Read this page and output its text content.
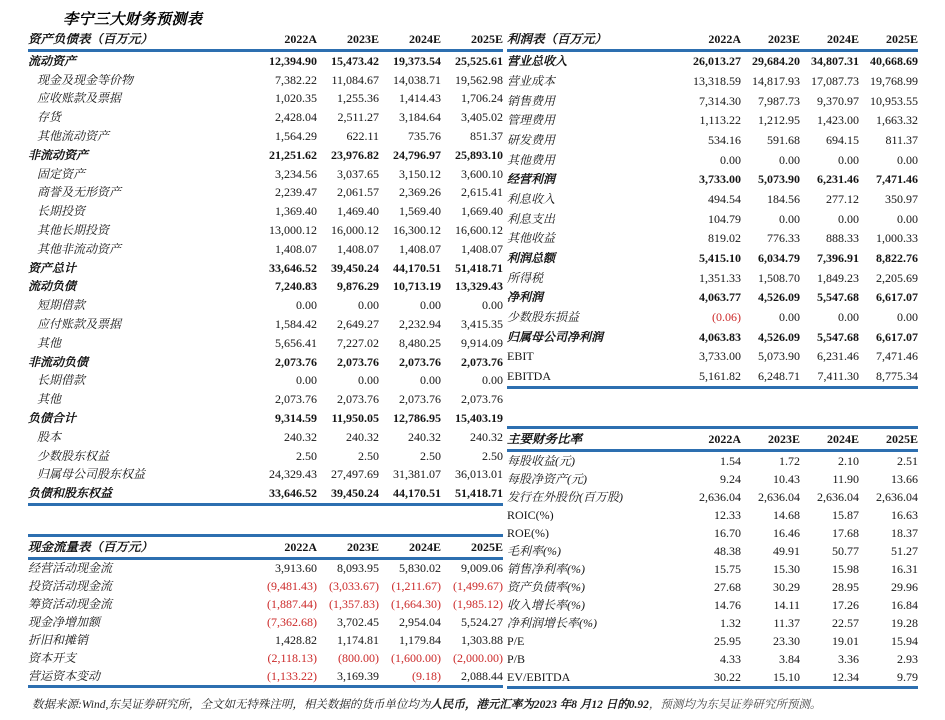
李宁三大财务预测表
资产负债表（百万元）	2022A	2023E	2024E	2025E
流动资产	12,394.90	15,473.42	19,373.54	25,525.61
现金及现金等价物	7,382.22	11,084.67	14,038.71	19,562.98
应收账款及票据	1,020.35	1,255.36	1,414.43	1,706.24
存货	2,428.04	2,511.27	3,184.64	3,405.02
其他流动资产	1,564.29	622.11	735.76	851.37
非流动资产	21,251.62	23,976.82	24,796.97	25,893.10
固定资产	3,234.56	3,037.65	3,150.12	3,600.10
商誉及无形资产	2,239.47	2,061.57	2,369.26	2,615.41
长期投资	1,369.40	1,469.40	1,569.40	1,669.40
其他长期投资	13,000.12	16,000.12	16,300.12	16,600.12
其他非流动资产	1,408.07	1,408.07	1,408.07	1,408.07
资产总计	33,646.52	39,450.24	44,170.51	51,418.71
流动负债	7,240.83	9,876.29	10,713.19	13,329.43
短期借款	0.00	0.00	0.00	0.00
应付账款及票据	1,584.42	2,649.27	2,232.94	3,415.35
其他	5,656.41	7,227.02	8,480.25	9,914.09
非流动负债	2,073.76	2,073.76	2,073.76	2,073.76
长期借款	0.00	0.00	0.00	0.00
其他	2,073.76	2,073.76	2,073.76	2,073.76
负债合计	9,314.59	11,950.05	12,786.95	15,403.19
股本	240.32	240.32	240.32	240.32
少数股东权益	2.50	2.50	2.50	2.50
归属母公司股东权益	24,329.43	27,497.69	31,381.07	36,013.01
负债和股东权益	33,646.52	39,450.24	44,170.51	51,418.71
利润表（百万元）	2022A	2023E	2024E	2025E
营业总收入	26,013.27 29,684.20 34,807.31 40,668.69
营业成本	13,318.59 14,817.93 17,087.73 19,768.99
销售费用	7,314.30	7,987.73	9,370.97 10,953.55
管理费用	1,113.22	1,212.95	1,423.00	1,663.32
研发费用	534.16	591.68	694.15	811.37
其他费用	0.00	0.00	0.00	0.00
经营利润	3,733.00	5,073.90	6,231.46	7,471.46
利息收入	494.54	184.56	277.12	350.97
利息支出	104.79	0.00	0.00	0.00
其他收益	819.02	776.33	888.33	1,000.33
利润总额	5,415.10	6,034.79	7,396.91	8,822.76
所得税	1,351.33	1,508.70	1,849.23	2,205.69
净利润	4,063.77	4,526.09	5,547.68	6,617.07
少数股东损益	(0.06)	0.00	0.00	0.00
归属母公司净利润	4,063.83	4,526.09	5,547.68	6,617.07
EBIT	3,733.00	5,073.90	6,231.46	7,471.46
EBITDA	5,161.82	6,248.71	7,411.30	8,775.34
主要财务比率	2022A	2023E	2024E	2025E
每股收益(元)	1.54	1.72	2.10	2.51
每股净资产(元)	9.24	10.43	11.90	13.66
发行在外股份(百万股)	2,636.04	2,636.04	2,636.04	2,636.04
ROIC(%)	12.33	14.68	15.87	16.63
ROE(%)	16.70	16.46	17.68	18.37
毛利率(%)	48.38	49.91	50.77	51.27
销售净利率(%)	15.75	15.30	15.98	16.31
资产负债率(%)	27.68	30.29	28.95	29.96
收入增长率(%)	14.76	14.11	17.26	16.84
净利润增长率(%)	1.32	11.37	22.57	19.28
P/E	25.95	23.30	19.01	15.94
P/B	4.33	3.84	3.36	2.93
EV/EBITDA	30.22	15.10	12.34	9.79
现金流量表（百万元）	2022A	2023E	2024E	2025E
经营活动现金流	3,913.60	8,093.95	5,830.02	9,009.06
投资活动现金流	(9,481.43)	(3,033.67)	(1,211.67)	(1,499.67)
筹资活动现金流	(1,887.44)	(1,357.83)	(1,664.30)	(1,985.12)
现金净增加额	(7,362.68)	3,702.45	2,954.04	5,524.27
折旧和摊销	1,428.82	1,174.81	1,179.84	1,303.88
资本开支	(2,118.13)	(800.00)	(1,600.00)	(2,000.00)
营运资本变动	(1,133.22)	3,169.39	(9.18)	2,088.44
数据来源:Wind,东吴证券研究所，全文如无特殊注明，相关数据的货币单位均为人民币，港元汇率为2023 年8 月12 日的0.92，预测均为东吴证券研究所预测。
